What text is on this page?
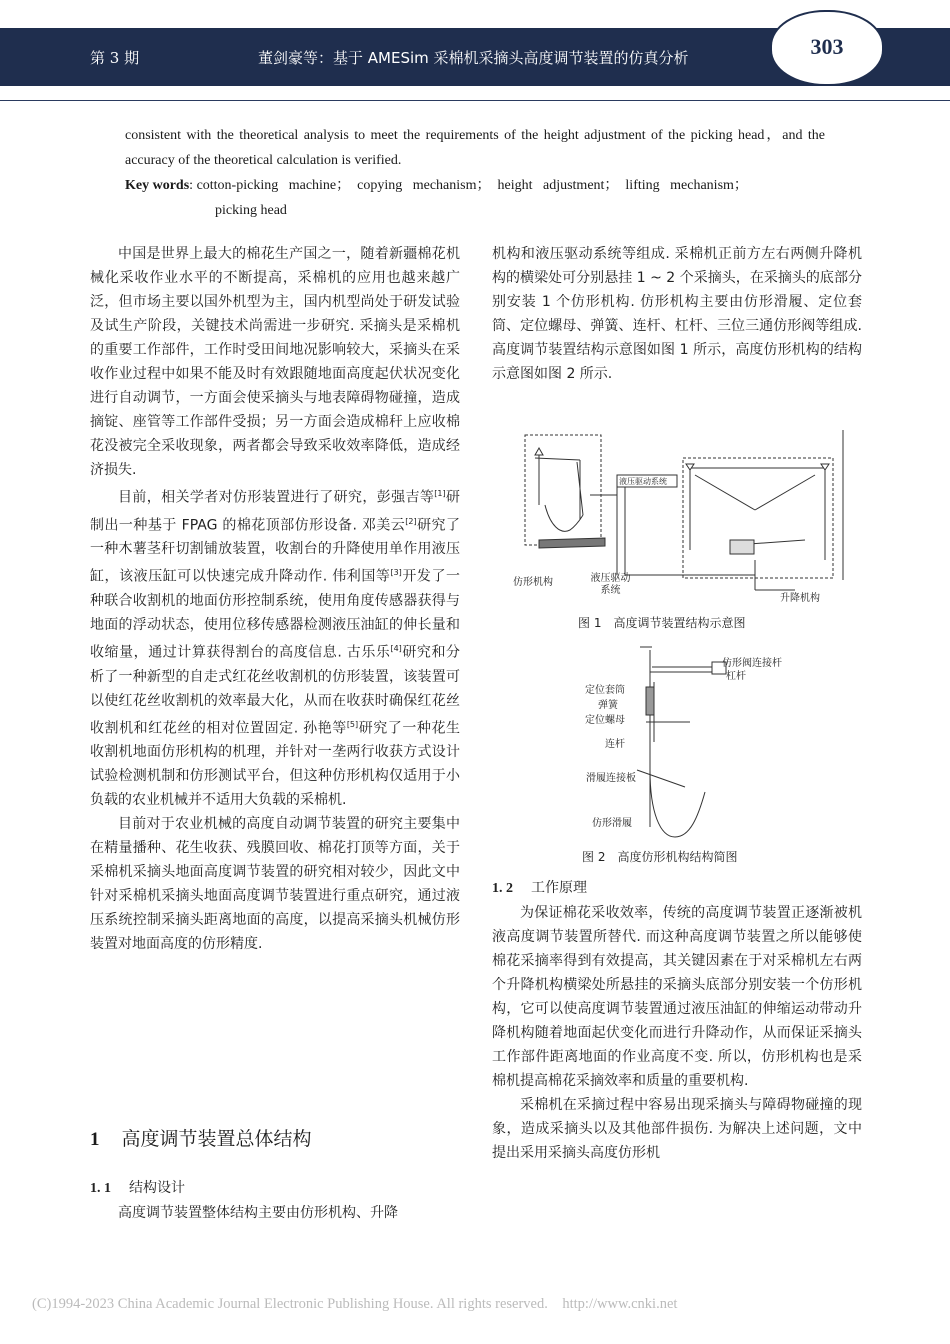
第 3 期	董剑豪等：基于 AMESim 采棉机采摘头高度调节装置的仿真分析	303
consistent with the theoretical analysis to meet the requirements of the height adjustment of the picking head，and the accuracy of the theoretical calculation is verified.
Key words: cotton-picking   machine；  copying   mechanism；  height   adjustment；  lifting   mechanism；
picking head

中国是世界上最大的棉花生产国之一，随着新疆棉花机械化采收作业水平的不断提高，采棉机的应用也越来越广泛，但市场主要以国外机型为主，国内机型尚处于研发试验及试生产阶段，关键技术尚需进一步研究. 采摘头是采棉机的重要工作部件，工作时受田间地况影响较大，采摘头在采收作业过程中如果不能及时有效跟随地面高度起伏状况变化进行自动调节，一方面会使采摘头与地表障碍物碰撞，造成摘锭、座管等工作部件受损；另一方面会造成棉秆上应收棉花没被完全采收现象，两者都会导致采收效率降低，造成经济损失.

目前，相关学者对仿形装置进行了研究，彭强吉等[1]研制出一种基于 FPAG 的棉花顶部仿形设备. 邓美云[2]研究了一种木薯茎秆切割铺放装置，收割台的升降使用单作用液压缸，该液压缸可以快速完成升降动作. 伟利国等[3]开发了一种联合收割机的地面仿形控制系统，使用角度传感器获得与地面的浮动状态，使用位移传感器检测液压油缸的伸长量和收缩量，通过计算获得割台的高度信息. 古乐乐[4]研究和分析了一种新型的自走式红花丝收割机的仿形装置，该装置可以使红花丝收割机的效率最大化，从而在收获时确保红花丝收割机和红花丝的相对位置固定. 孙艳等[5]研究了一种花生收割机地面仿形机构的机理，并针对一垄两行收获方式设计试验检测机制和仿形测试平台，但这种仿形机构仅适用于小负载的农业机械并不适用大负载的采棉机.

目前对于农业机械的高度自动调节装置的研究主要集中在精量播种、花生收获、残膜回收、棉花打顶等方面，关于采棉机采摘头地面高度调节装置的研究相对较少，因此文中针对采棉机采摘头地面高度调节装置进行重点研究，通过液压系统控制采摘头距离地面的高度，以提高采摘头机械仿形装置对地面高度的仿形精度.

1 高度调节装置总体结构
1. 1 结构设计

高度调节装置整体结构主要由仿形机构、升降

机构和液压驱动系统等组成. 采棉机正前方左右两侧升降机构的横梁处可分别悬挂 1 ~ 2 个采摘头，在采摘头的底部分别安装 1 个仿形机构. 仿形机构主要由仿形滑履、定位套筒、定位螺母、弹簧、连杆、杠杆、三位三通仿形阀等组成. 高度调节装置结构示意图如图 1 所示，高度仿形机构的结构示意图如图 2 所示.

仿形机构	液压驱动
系统
液压驱动系统
升降机构
图 1　高度调节装置结构示意图
仿形阀连接杆
杠杆
定位套筒
弹簧
定位螺母
连杆
滑履连接板
仿形滑履
图 2　高度仿形机构结构简图
1. 2 工作原理

为保证棉花采收效率，传统的高度调节装置正逐渐被机液高度调节装置所替代. 而这种高度调节装置之所以能够使棉花采摘率得到有效提高，其关键因素在于对采棉机左右两个升降机构横梁处所悬挂的采摘头底部分别安装一个仿形机构，它可以使高度调节装置通过液压油缸的伸缩运动带动升降机构随着地面起伏变化而进行升降动作，从而保证采摘头工作部件距离地面的作业高度不变. 所以，仿形机构也是采棉机提高棉花采摘效率和质量的重要机构.

采棉机在采摘过程中容易出现采摘头与障碍物碰撞的现象，造成采摘头以及其他部件损伤. 为解决上述问题，文中提出采用采摘头高度仿形机

(C)1994-2023 China Academic Journal Electronic Publishing House. All rights reserved.    http://www.cnki.net
